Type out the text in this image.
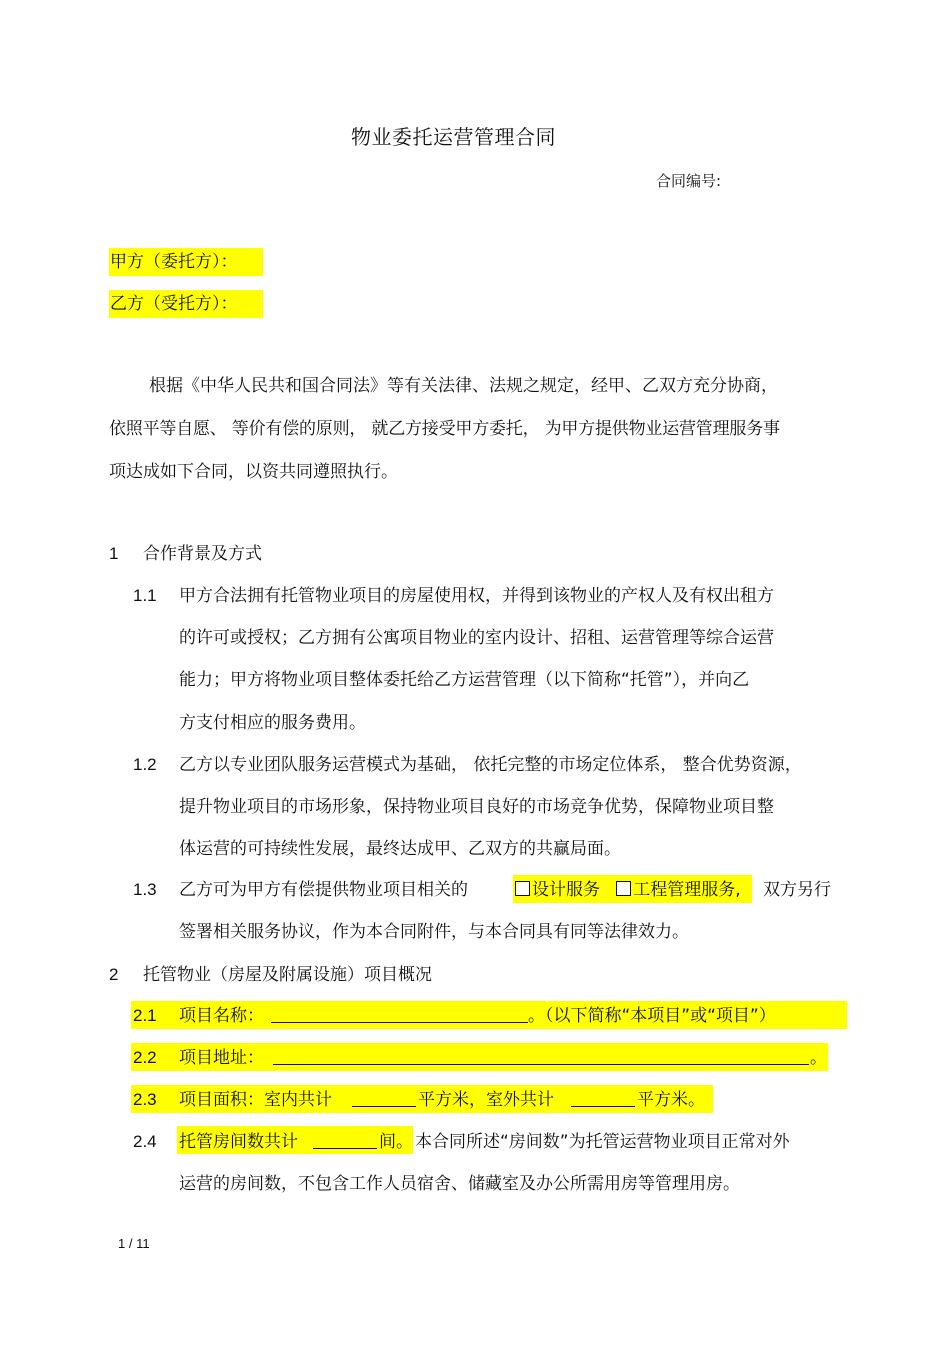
物业委托运营管理合同
合同编号:
甲方（委托方）：
乙方（受托方）：
根据《中华人民共和国合同法》等有关法律、法规之规定，经甲、乙双方充分协商，
依照平等自愿、 等价有偿的原则， 就乙方接受甲方委托， 为甲方提供物业运营管理服务事
项达成如下合同，以资共同遵照执行。
1 合作背景及方式
1.1 甲方合法拥有托管物业项目的房屋使用权，并得到该物业的产权人及有权出租方
的许可或授权；乙方拥有公寓项目物业的室内设计、招租、运营管理等综合运营
能力；甲方将物业项目整体委托给乙方运营管理（以下简称“托管”），并向乙
方支付相应的服务费用。
1.2 乙方以专业团队服务运营模式为基础， 依托完整的市场定位体系， 整合优势资源，
提升物业项目的市场形象，保持物业项目良好的市场竞争优势，保障物业项目整
体运营的可持续性发展，最终达成甲、乙双方的共赢局面。
1.3 乙方可为甲方有偿提供物业项目相关的	设计服务 工程管理服务,	双方另行
签署相关服务协议，作为本合同附件，与本合同具有同等法律效力。
2 托管物业（房屋及附属设施）项目概况
2.1 项目名称：	。（以下简称“本项目”或“项目”）
2.2 项目地址：	。
2.3 项目面积：室内共计	平方米，室外共计	平方米。
2.4 托管房间数共计	间。 本合同所述“房间数”为托管运营物业项目正常对外
运营的房间数，不包含工作人员宿舍、储藏室及办公所需用房等管理用房。
1 / 11
